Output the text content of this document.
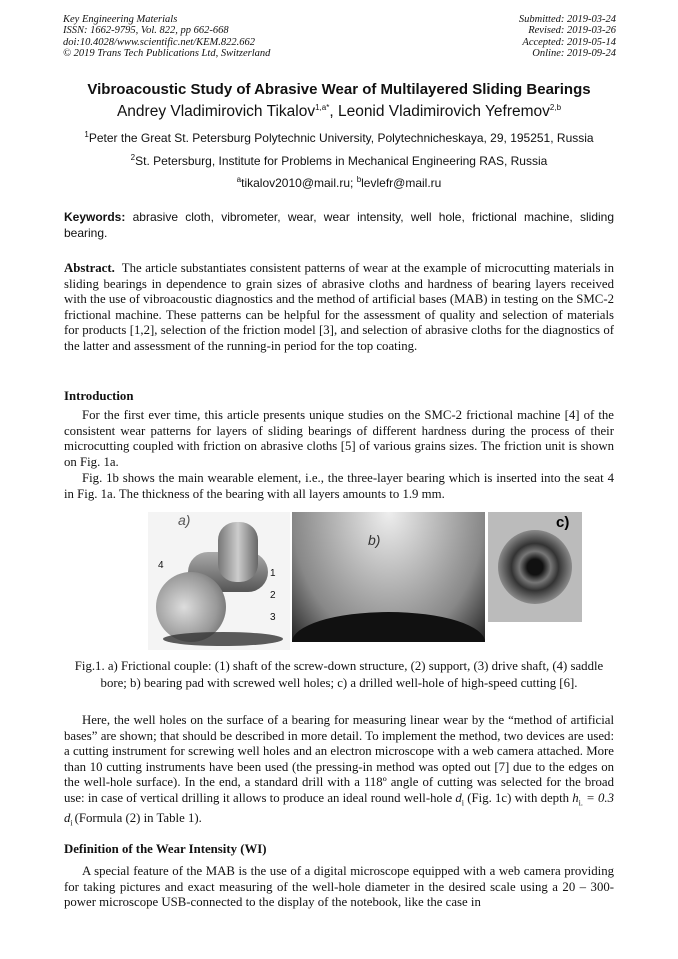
Key Engineering Materials
ISSN: 1662-9795, Vol. 822, pp 662-668
doi:10.4028/www.scientific.net/KEM.822.662
© 2019 Trans Tech Publications Ltd, Switzerland
Submitted: 2019-03-24
Revised: 2019-03-26
Accepted: 2019-05-14
Online: 2019-09-24
Vibroacoustic Study of Abrasive Wear of Multilayered Sliding Bearings
Andrey Vladimirovich Tikalov$^{1,a*}$, Leonid Vladimirovich Yefremov$^{2,b}$
$^1$Peter the Great St. Petersburg Polytechnic University, Polytechnicheskaya, 29, 195251, Russia
$^2$St. Petersburg, Institute for Problems in Mechanical Engineering RAS, Russia
$^a$tikalov2010@mail.ru; $^b$levlefr@mail.ru
Keywords: abrasive cloth, vibrometer, wear, wear intensity, well hole, frictional machine, sliding bearing.
Abstract.  The article substantiates consistent patterns of wear at the example of microcutting materials in sliding bearings in dependence to grain sizes of abrasive cloths and hardness of bearing layers received with the use of vibroacoustic diagnostics and the method of artificial bases (MAB) in testing on the SMC-2 frictional machine. These patterns can be helpful for the assessment of quality and selection of materials for products [1,2], selection of the friction model [3], and selection of abrasive cloths for the diagnostics of the latter and assessment of the running-in period for the top coating.
Introduction
For the first ever time, this article presents unique studies on the SMC-2 frictional machine [4] of the consistent wear patterns for layers of sliding bearings of different hardness during the process of their microcutting coupled with friction on abrasive cloths [5] of various grains sizes. The friction unit is shown on Fig. 1a.
Fig. 1b shows the main wearable element, i.e., the three-layer bearing which is inserted into the seat 4 in Fig. 1a. The thickness of the bearing with all layers amounts to 1.9 mm.
a)
4
1
2
3
b)
c)
Fig.1. a) Frictional couple: (1) shaft of the screw-down structure, (2) support, (3) drive shaft, (4) saddle bore; b) bearing pad with screwed well holes; c) a drilled well-hole of high-speed cutting [6].
Here, the well holes on the surface of a bearing for measuring linear wear by the “method of artificial bases” are shown; that should be described in more detail. To implement the method, two devices are used: a cutting instrument for screwing well holes and an electron microscope with a web camera attached. More than 10 cutting instruments have been used (the pressing-in method was opted out [7] due to the edges on the well-hole surface). In the end, a standard drill with a 118º angle of cutting was selected for the broad use: in case of vertical drilling it allows to produce an ideal round well-hole $d_i$ (Fig. 1c) with depth $h_{i.} = 0.3$ $d_i$ (Formula (2) in Table 1).
Definition of the Wear Intensity (WI)
A special feature of the MAB is the use of a digital microscope equipped with a web camera providing for taking pictures and exact measuring of the well-hole diameter in the desired scale using a 20 – 300-power microscope USB-connected to the display of the notebook, like the case in
